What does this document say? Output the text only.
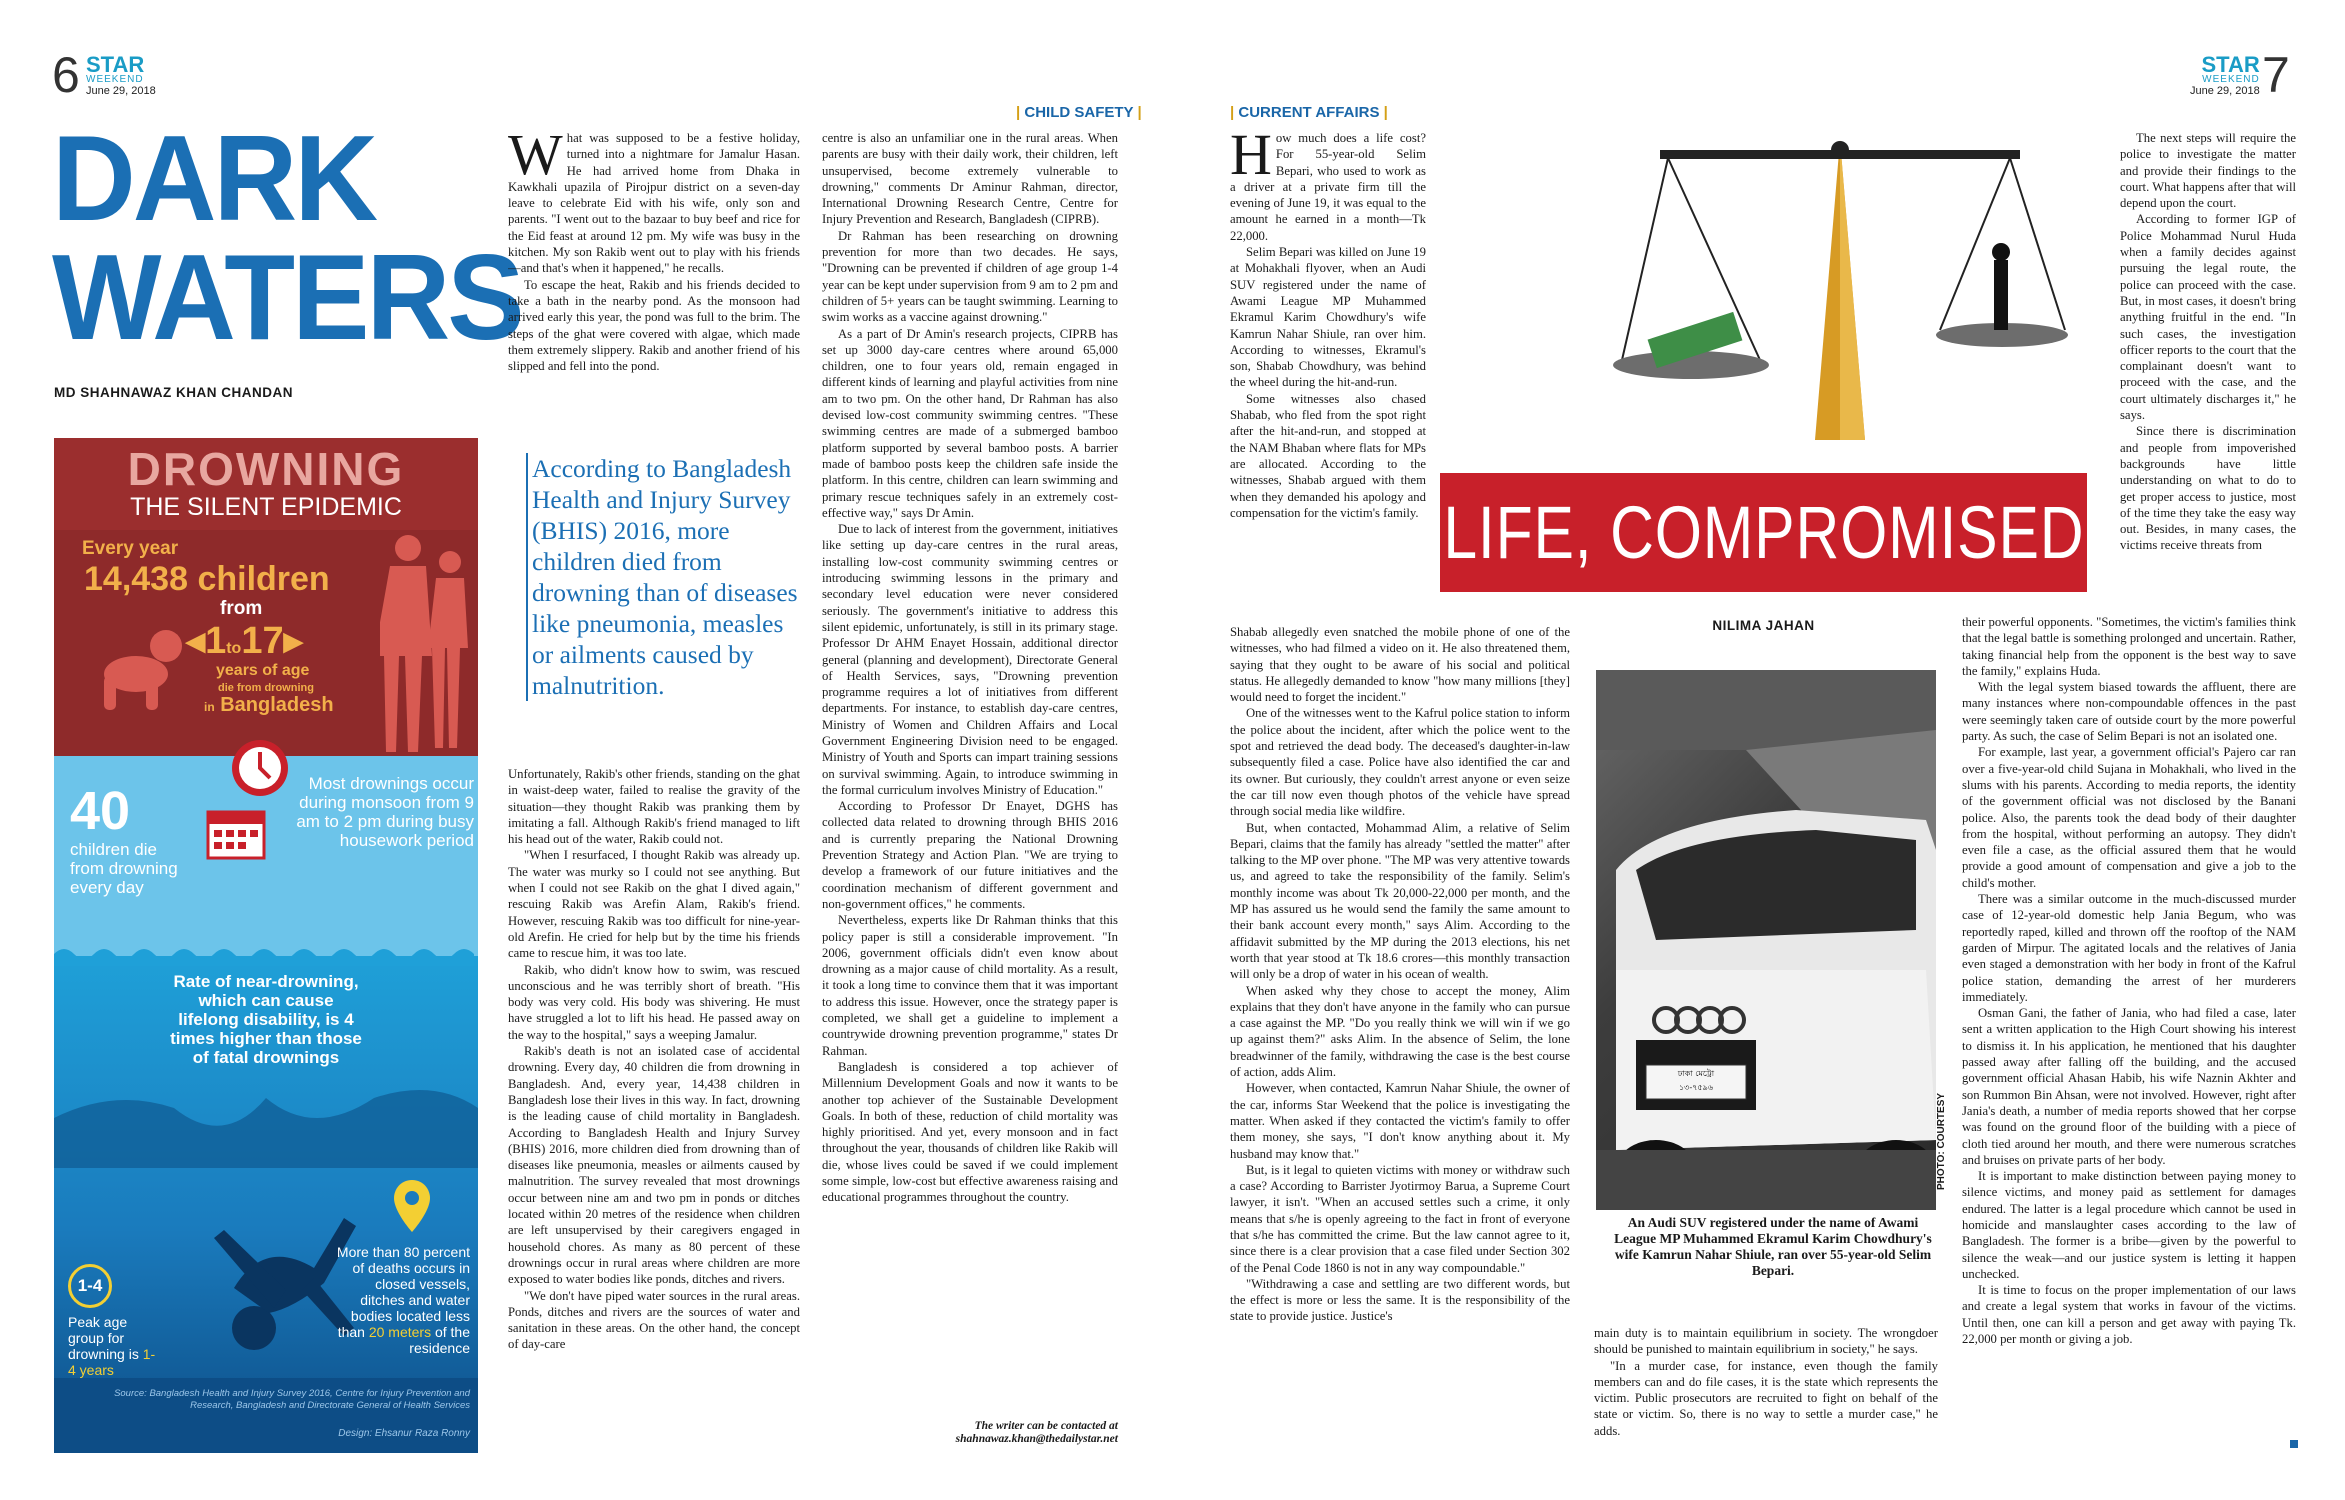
6 STAR
WEEKEND
June 29, 2018
| CHILD SAFETY |
DARK
WATERS
MD SHAHNAWAZ KHAN CHANDAN
DROWNING
THE SILENT EPIDEMIC
Every year
14,438 children
from
◂1to17▸
years of age
die from drowning
in Bangladesh
40
children die from drowning every day
Most drownings occur during monsoon from 9 am to 2 pm during busy housework period
Rate of near-drowning, which can cause lifelong disability, is 4 times higher than those of fatal drownings
1-4
Peak age group for drowning is 1-4 years
More than 80 percent of deaths occurs in closed vessels, ditches and water bodies located less than 20 meters of the residence
Source: Bangladesh Health and Injury Survey 2016, Centre for Injury Prevention and Research, Bangladesh and Directorate General of Health Services
Design: Ehsanur Raza Ronny
W hat was supposed to be a festive holiday, turned into a nightmare for Jamalur Hasan. He had arrived home from Dhaka in Kawkhali upazila of Pirojpur district on a seven-day leave to celebrate Eid with his wife, only son and parents. "I went out to the bazaar to buy beef and rice for the Eid feast at around 12 pm. My wife was busy in the kitchen. My son Rakib went out to play with his friends—and that's when it happened," he recalls.

To escape the heat, Rakib and his friends decided to take a bath in the nearby pond. As the monsoon had arrived early this year, the pond was full to the brim. The steps of the ghat were covered with algae, which made them extremely slippery. Rakib and another friend of his slipped and fell into the pond.

According to Bangladesh Health and Injury Survey (BHIS) 2016, more children died from drowning than of diseases like pneumonia, measles or ailments caused by malnutrition.

Unfortunately, Rakib's other friends, standing on the ghat in waist-deep water, failed to realise the gravity of the situation—they thought Rakib was pranking them by imitating a fall. Although Rakib's friend managed to lift his head out of the water, Rakib could not.

"When I resurfaced, I thought Rakib was already up. The water was murky so I could not see anything. But when I could not see Rakib on the ghat I dived again," rescuing Rakib was Arefin Alam, Rakib's friend. However, rescuing Rakib was too difficult for nine-year-old Arefin. He cried for help but by the time his friends came to rescue him, it was too late.

Rakib, who didn't know how to swim, was rescued unconscious and he was terribly short of breath. "His body was very cold. His body was shivering. He must have struggled a lot to lift his head. He passed away on the way to the hospital," says a weeping Jamalur.

Rakib's death is not an isolated case of accidental drowning. Every day, 40 children die from drowning in Bangladesh. And, every year, 14,438 children in Bangladesh lose their lives in this way. In fact, drowning is the leading cause of child mortality in Bangladesh. According to Bangladesh Health and Injury Survey (BHIS) 2016, more children died from drowning than of diseases like pneumonia, measles or ailments caused by malnutrition. The survey revealed that most drownings occur between nine am and two pm in ponds or ditches located within 20 metres of the residence when children are left unsupervised by their caregivers engaged in household chores. As many as 80 percent of these drownings occur in rural areas where children are more exposed to water bodies like ponds, ditches and rivers.

"We don't have piped water sources in the rural areas. Ponds, ditches and rivers are the sources of water and sanitation in these areas. On the other hand, the concept of day-care

centre is also an unfamiliar one in the rural areas. When parents are busy with their daily work, their children, left unsupervised, become extremely vulnerable to drowning," comments Dr Aminur Rahman, director, International Drowning Research Centre, Centre for Injury Prevention and Research, Bangladesh (CIPRB).

Dr Rahman has been researching on drowning prevention for more than two decades. He says, "Drowning can be prevented if children of age group 1-4 year can be kept under supervision from 9 am to 2 pm and children of 5+ years can be taught swimming. Learning to swim works as a vaccine against drowning."

As a part of Dr Amin's research projects, CIPRB has set up 3000 day-care centres where around 65,000 children, one to four years old, remain engaged in different kinds of learning and playful activities from nine am to two pm. On the other hand, Dr Rahman has also devised low-cost community swimming centres. "These swimming centres are made of a submerged bamboo platform supported by several bamboo posts. A barrier made of bamboo posts keep the children safe inside the platform. In this centre, children can learn swimming and primary rescue techniques safely in an extremely cost-effective way," says Dr Amin.

Due to lack of interest from the government, initiatives like setting up day-care centres in the rural areas, installing low-cost community swimming centres or introducing swimming lessons in the primary and secondary level education were never considered seriously. The government's initiative to address this silent epidemic, unfortunately, is still in its primary stage. Professor Dr AHM Enayet Hossain, additional director general (planning and development), Directorate General of Health Services, says, "Drowning prevention programme requires a lot of initiatives from different departments. For instance, to establish day-care centres, Ministry of Women and Children Affairs and Local Government Engineering Division need to be engaged. Ministry of Youth and Sports can impart training sessions on survival swimming. Again, to introduce swimming in the formal curriculum involves Ministry of Education."

According to Professor Dr Enayet, DGHS has collected data related to drowning through BHIS 2016 and is currently preparing the National Drowning Prevention Strategy and Action Plan. "We are trying to develop a framework of our future initiatives and the coordination mechanism of different government and non-government offices," he comments.

Nevertheless, experts like Dr Rahman thinks that this policy paper is still a considerable improvement. "In 2006, government officials didn't even know about drowning as a major cause of child mortality. As a result, it took a long time to convince them that it was important to address this issue. However, once the strategy paper is completed, we shall get a guideline to implement a countrywide drowning prevention programme," states Dr Rahman.

Bangladesh is considered a top achiever of Millennium Development Goals and now it wants to be another top achiever of the Sustainable Development Goals. In both of these, reduction of child mortality was highly prioritised. And yet, every monsoon and in fact throughout the year, thousands of children like Rakib will die, whose lives could be saved if we could implement some simple, low-cost but effective awareness raising and educational programmes throughout the country.

The writer can be contacted at
shahnawaz.khan@thedailystar.net
STAR
WEEKEND
June 29, 2018 7
| CURRENT AFFAIRS |
LIFE, COMPROMISED
NILIMA JAHAN
ঢাকা মেট্রো
১৩-৭৫৯৬
PHOTO: COURTESY
An Audi SUV registered under the name of Awami League MP Muhammed Ekramul Karim Chowdhury's wife Kamrun Nahar Shiule, ran over 55-year-old Selim Bepari.
H ow much does a life cost? For 55-year-old Selim Bepari, who used to work as a driver at a private firm till the evening of June 19, it was equal to the amount he earned in a month—Tk 22,000.

Selim Bepari was killed on June 19 at Mohakhali flyover, when an Audi SUV registered under the name of Awami League MP Muhammed Ekramul Karim Chowdhury's wife Kamrun Nahar Shiule, ran over him. According to witnesses, Ekramul's son, Shabab Chowdhury, was behind the wheel during the hit-and-run.

Some witnesses also chased Shabab, who fled from the spot right after the hit-and-run, and stopped at the NAM Bhaban where flats for MPs are allocated. According to the witnesses, Shabab argued with them when they demanded his apology and compensation for the victim's family.

Shabab allegedly even snatched the mobile phone of one of the witnesses, who had filmed a video on it. He also threatened them, saying that they ought to be aware of his social and political status. He allegedly demanded to know "how many millions [they] would need to forget the incident."

One of the witnesses went to the Kafrul police station to inform the police about the incident, after which the police went to the spot and retrieved the dead body. The deceased's daughter-in-law subsequently filed a case. Police have also identified the car and its owner. But curiously, they couldn't arrest anyone or even seize the car till now even though photos of the vehicle have spread through social media like wildfire.

But, when contacted, Mohammad Alim, a relative of Selim Bepari, claims that the family has already "settled the matter" after talking to the MP over phone. "The MP was very attentive towards us, and agreed to take the responsibility of the family. Selim's monthly income was about Tk 20,000-22,000 per month, and the MP has assured us he would send the family the same amount to their bank account every month," says Alim. According to the affidavit submitted by the MP during the 2013 elections, his net worth that year stood at Tk 18.6 crores—this monthly transaction will only be a drop of water in his ocean of wealth.

When asked why they chose to accept the money, Alim explains that they don't have anyone in the family who can pursue a case against the MP. "Do you really think we will win if we go up against them?" asks Alim. In the absence of Selim, the lone breadwinner of the family, withdrawing the case is the best course of action, adds Alim.

However, when contacted, Kamrun Nahar Shiule, the owner of the car, informs Star Weekend that the police is investigating the matter. When asked if they contacted the victim's family to offer them money, she says, "I don't know anything about it. My husband may know that."

But, is it legal to quieten victims with money or withdraw such a case? According to Barrister Jyotirmoy Barua, a Supreme Court lawyer, it isn't. "When an accused settles such a crime, it only means that s/he is openly agreeing to the fact in front of everyone that s/he has committed the crime. But the law cannot agree to it, since there is a clear provision that a case filed under Section 302 of the Penal Code 1860 is not in any way compoundable."

"Withdrawing a case and settling are two different words, but the effect is more or less the same. It is the responsibility of the state to provide justice. Justice's

main duty is to maintain equilibrium in society. The wrongdoer should be punished to maintain equilibrium in society," he says.

"In a murder case, for instance, even though the family members can and do file cases, it is the state which represents the victim. Public prosecutors are recruited to fight on behalf of the state or victim. So, there is no way to settle a murder case," he adds.

The next steps will require the police to investigate the matter and provide their findings to the court. What happens after that will depend upon the court.

According to former IGP of Police Mohammad Nurul Huda when a family decides against pursuing the legal route, the police can proceed with the case. But, in most cases, it doesn't bring anything fruitful in the end. "In such cases, the investigation officer reports to the court that the complainant doesn't want to proceed with the case, and the court ultimately discharges it," he says.

Since there is discrimination and people from impoverished backgrounds have little understanding on what to do to get proper access to justice, most of the time they take the easy way out. Besides, in many cases, the victims receive threats from

their powerful opponents. "Sometimes, the victim's families think that the legal battle is something prolonged and uncertain. Rather, taking financial help from the opponent is the best way to save the family," explains Huda.

With the legal system biased towards the affluent, there are many instances where non-compoundable offences in the past were seemingly taken care of outside court by the more powerful party. As such, the case of Selim Bepari is not an isolated one.

For example, last year, a government official's Pajero car ran over a five-year-old child Sujana in Mohakhali, who lived in the slums with his parents. According to media reports, the identity of the government official was not disclosed by the Banani police. Also, the parents took the dead body of their daughter from the hospital, without performing an autopsy. They didn't even file a case, as the official assured them that he would provide a good amount of compensation and give a job to the child's mother.

There was a similar outcome in the much-discussed murder case of 12-year-old domestic help Jania Begum, who was reportedly raped, killed and thrown off the rooftop of the NAM garden of Mirpur. The agitated locals and the relatives of Jania even staged a demonstration with her body in front of the Kafrul police station, demanding the arrest of her murderers immediately.

Osman Gani, the father of Jania, who had filed a case, later sent a written application to the High Court showing his interest to dismiss it. In his application, he mentioned that his daughter passed away after falling off the building, and the accused government official Ahasan Habib, his wife Naznin Akhter and son Rummon Bin Ahsan, were not involved. However, right after Jania's death, a number of media reports showed that her corpse was found on the ground floor of the building with a piece of cloth tied around her mouth, and there were numerous scratches and bruises on private parts of her body.

It is important to make distinction between paying money to silence victims, and money paid as settlement for damages endured. The latter is a legal procedure which cannot be used in homicide and manslaughter cases according to the law of Bangladesh. The former is a bribe—given by the powerful to silence the weak—and our justice system is letting it happen unchecked.

It is time to focus on the proper implementation of our laws and create a legal system that works in favour of the victims. Until then, one can kill a person and get away with paying Tk. 22,000 per month or giving a job.
